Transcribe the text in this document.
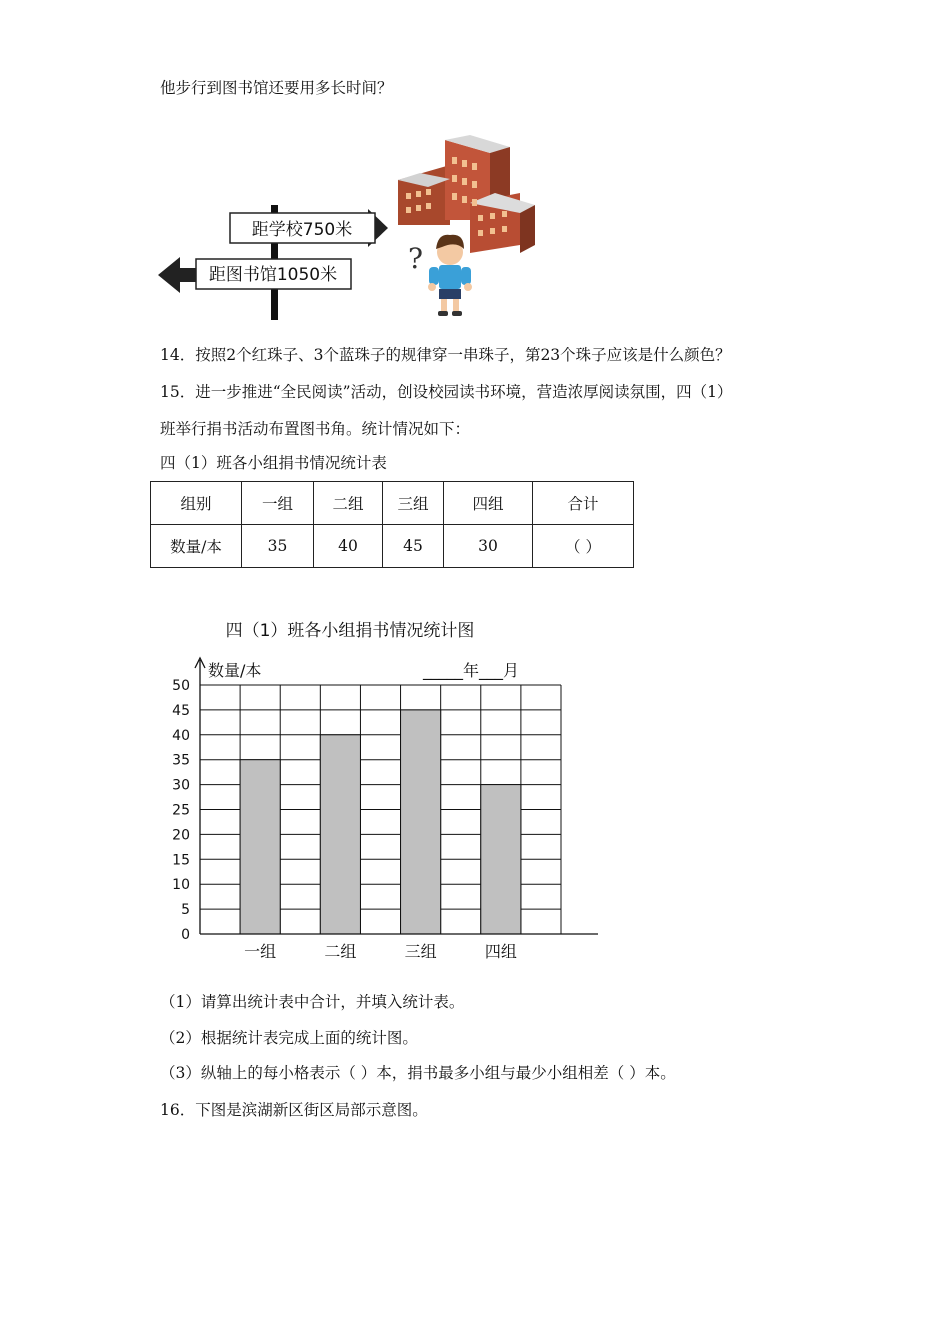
他步行到图书馆还要用多长时间？
距学校750米
距图书馆1050米	?
14．按照2个红珠子、3个蓝珠子的规律穿一串珠子，第23个珠子应该是什么颜色？
15．进一步推进“全民阅读”活动，创设校园读书环境，营造浓厚阅读氛围，四（1）
班举行捐书活动布置图书角。统计情况如下：
四（1）班各小组捐书情况统计表
组别	一组	二组	三组	四组	合计
数量/本	35	40	45	30	（ ）
四（1）班各小组捐书情况统计图
数量/本	_____年___月
0
5
10
15
20
25
30
35
40
45
50
一组	二组	三组	四组
（1）请算出统计表中合计，并填入统计表。
（2）根据统计表完成上面的统计图。
（3）纵轴上的每小格表示（ ）本，捐书最多小组与最少小组相差（ ）本。
16．下图是滨湖新区街区局部示意图。
